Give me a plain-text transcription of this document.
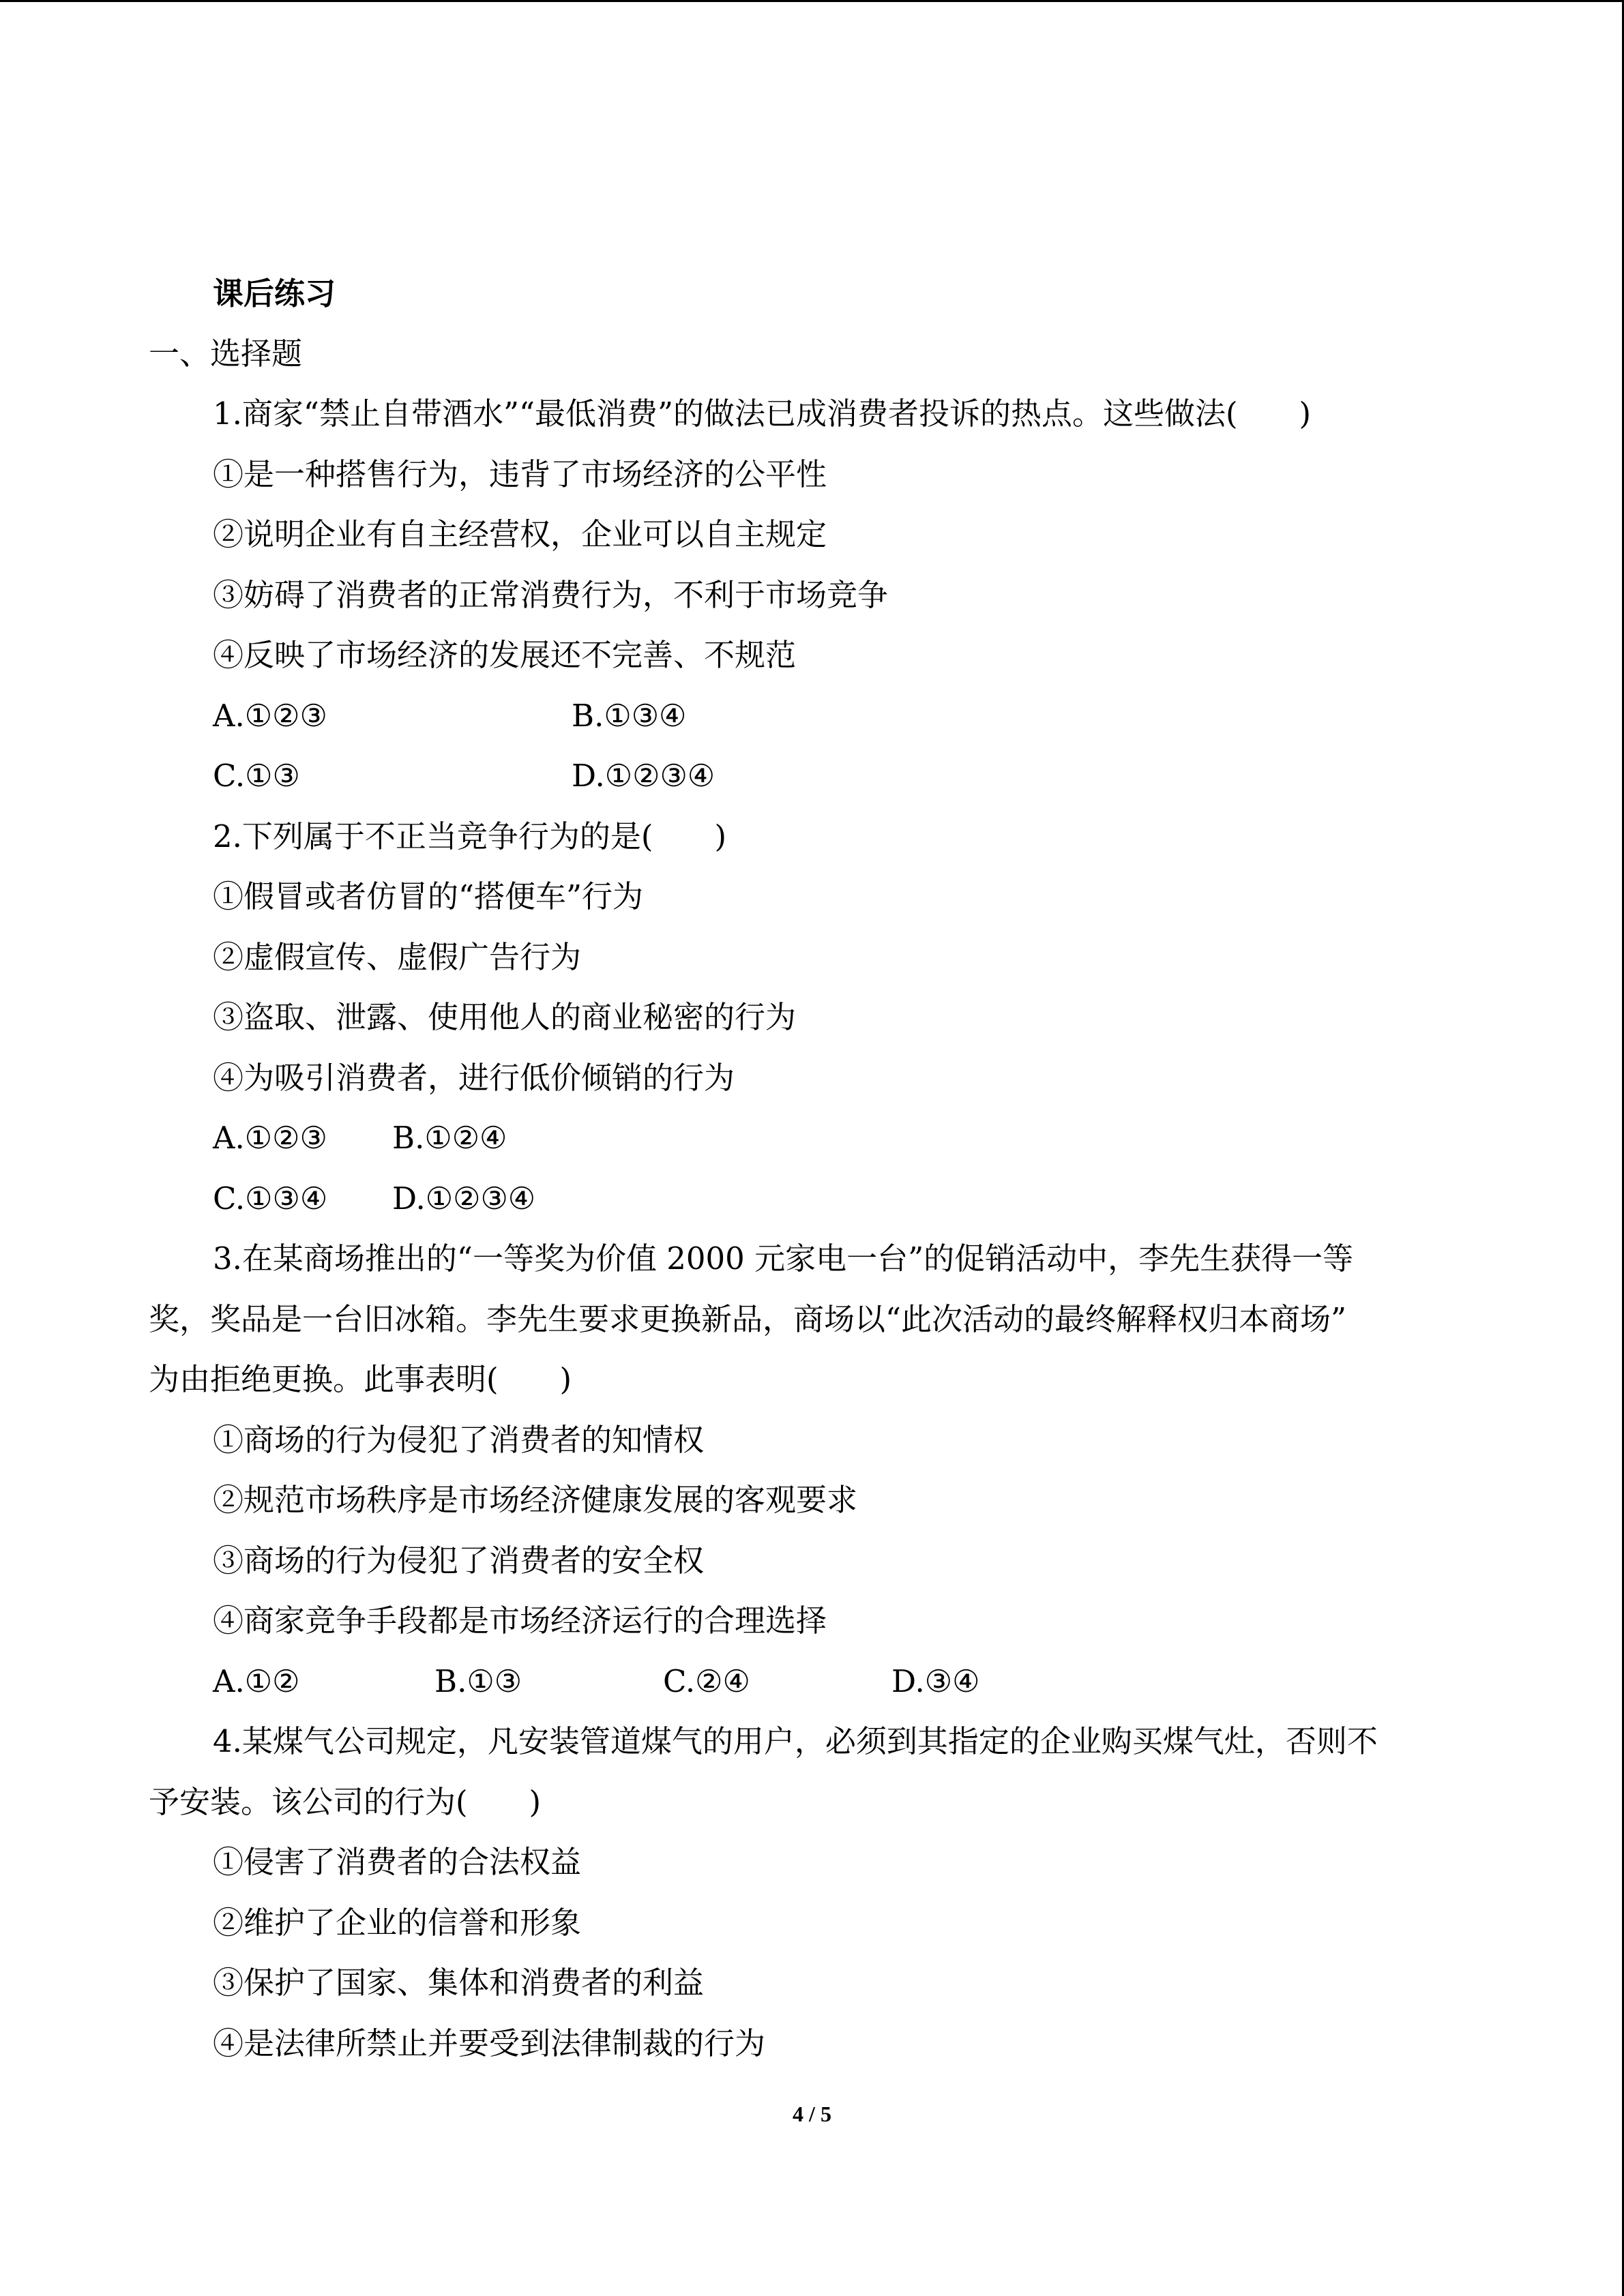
课后练习
一、选择题
1.商家“禁止自带酒水”“最低消费”的做法已成消费者投诉的热点。这些做法(　　)
①是一种搭售行为，违背了市场经济的公平性
②说明企业有自主经营权，企业可以自主规定
③妨碍了消费者的正常消费行为，不利于市场竞争
④反映了市场经济的发展还不完善、不规范
A.①②③	B.①③④
C.①③	D.①②③④
2.下列属于不正当竞争行为的是(　　)
①假冒或者仿冒的“搭便车”行为
②虚假宣传、虚假广告行为
③盗取、泄露、使用他人的商业秘密的行为
④为吸引消费者，进行低价倾销的行为
A.①②③ B.①②④
C.①③④ D.①②③④
3.在某商场推出的“一等奖为价值 2000 元家电一台”的促销活动中，李先生获得一等
奖，奖品是一台旧冰箱。李先生要求更换新品，商场以“此次活动的最终解释权归本商场”
为由拒绝更换。此事表明(　　)
①商场的行为侵犯了消费者的知情权
②规范市场秩序是市场经济健康发展的客观要求
③商场的行为侵犯了消费者的安全权
④商家竞争手段都是市场经济运行的合理选择
A.①②	B.①③	C.②④	D.③④
4.某煤气公司规定，凡安装管道煤气的用户，必须到其指定的企业购买煤气灶，否则不
予安装。该公司的行为(　　)
①侵害了消费者的合法权益
②维护了企业的信誉和形象
③保护了国家、集体和消费者的利益
④是法律所禁止并要受到法律制裁的行为
4 / 5
